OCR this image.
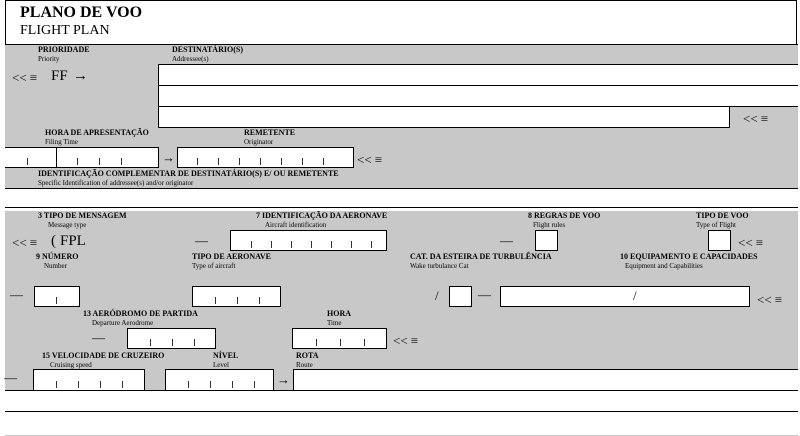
PLANO DE VOO
FLIGHT PLAN
PRIORIDADE
Priority
<< ≡ FF →
DESTINATÁRIO(S)
Addressee(s)
<< ≡
HORA DE APRESENTAÇÃO
Filing Time
→
REMETENTE
Originator
<< ≡
IDENTIFICAÇÃO COMPLEMENTAR DE DESTINATÁRIO(S) E/ OU REMETENTE
Specific Identification of addressee(s) and/or originator
3 TIPO DE MENSAGEM
Message type
<< ≡ ( FPL
7 IDENTIFICAÇÃO DA AERONAVE
Aircraft identification
—
8 REGRAS DE VOO
Flight rules
—
TIPO DE VOO
Type of Flight
<< ≡
9 NÚMERO
Number
—
TIPO DE AERONAVE
Type of aircraft
CAT. DA ESTEIRA DE TURBULÊNCIA
Wake turbulance Cat
/	—
10 EQUIPAMENTO E CAPACIDADES
Equipment and Capabilities
/	<< ≡
13 AERÓDROMO DE PARTIDA
Departure Aerodrome
—
HORA
Time
<< ≡
15 VELOCIDADE DE CRUZEIRO
Cruising speed
—
NÍVEL
Level
→
ROTA
Route
